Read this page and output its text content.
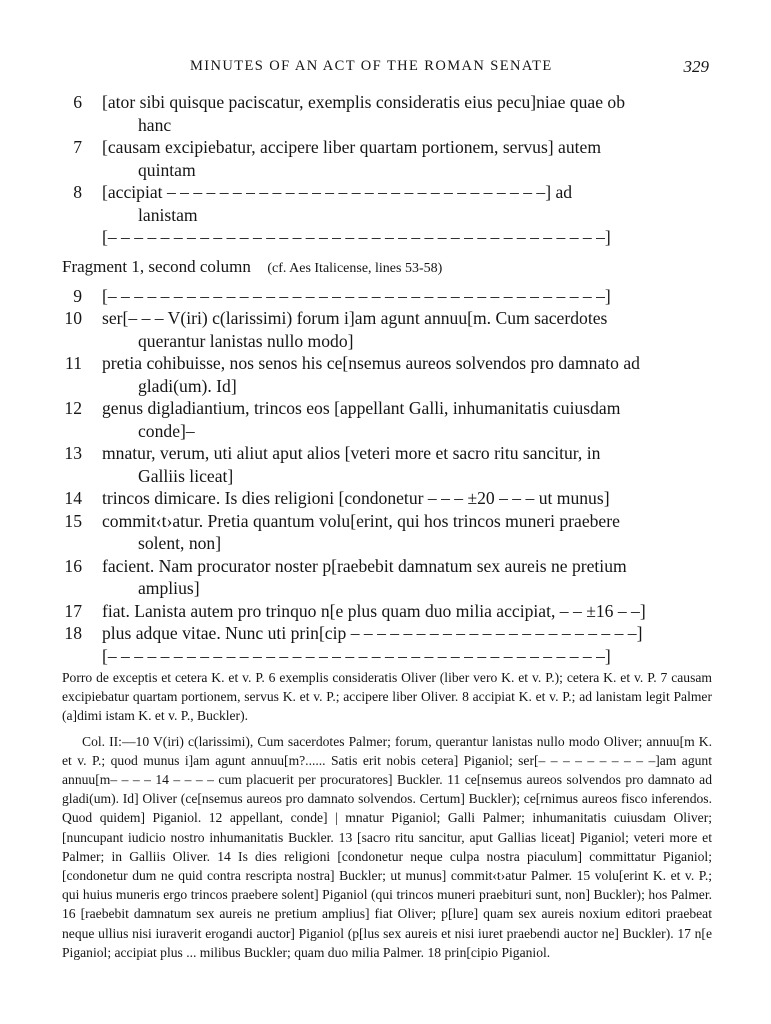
MINUTES OF AN ACT OF THE ROMAN SENATE	329
6 [ator sibi quisque paciscatur, exemplis consideratis eius pecu]niae quae ob
hanc
7 [causam excipiebatur, accipere liber quartam portionem, servus] autem
quintam
8 [accipiat – – – – – – – – – – – – – – – – – – – – – – – – – – – – –] ad
lanistam
[– – – – – – – – – – – – – – – – – – – – – – – – – – – – – – – – – – – – – –]
Fragment 1, second column (cf. Aes Italicense, lines 53-58)
9 [– – – – – – – – – – – – – – – – – – – – – – – – – – – – – – – – – – – – – –]
10 ser[– – – V(iri) c(larissimi) forum i]am agunt annuu[m. Cum sacerdotes
querantur lanistas nullo modo]
11 pretia cohibuisse, nos senos his ce[nsemus aureos solvendos pro damnato ad
gladi(um). Id]
12 genus digladiantium, trincos eos [appellant Galli, inhumanitatis cuiusdam
conde]–
13 mnatur, verum, uti aliut aput alios [veteri more et sacro ritu sancitur, in
Galliis liceat]
14 trincos dimicare. Is dies religioni [condonetur – – – ±20 – – – ut munus]
15 commit‹t›atur. Pretia quantum volu[erint, qui hos trincos muneri praebere
solent, non]
16 facient. Nam procurator noster p[raebebit damnatum sex aureis ne pretium
amplius]
17 fiat. Lanista autem pro trinquo n[e plus quam duo milia accipiat, – – ±16 – –]
18 plus adque vitae. Nunc uti prin[cip – – – – – – – – – – – – – – – – – – – – – –]
[– – – – – – – – – – – – – – – – – – – – – – – – – – – – – – – – – – – – – –]

Porro de exceptis et cetera K. et v. P. 6 exemplis consideratis Oliver (liber vero K. et v. P.); cetera K. et v. P. 7 causam excipiebatur quartam portionem, servus K. et v. P.; accipere liber Oliver. 8 accipiat K. et v. P.; ad lanistam legit Palmer (a]dimi istam K. et v. P., Buckler).

Col. II:—10 V(iri) c(larissimi), Cum sacerdotes Palmer; forum, querantur lanistas nullo modo Oliver; annuu[m K. et v. P.; quod munus i]am agunt annuu[m?...... Satis erit nobis cetera] Piganiol; ser[– – – – – – – – – –]am agunt annuu[m– – – – 14 – – – – cum placuerit per procuratores] Buckler. 11 ce[nsemus aureos solvendos pro damnato ad gladi(um). Id] Oliver (ce[nsemus aureos pro damnato solvendos. Certum] Buckler); ce[rnimus aureos fisco inferendos. Quod quidem] Piganiol. 12 appellant, conde] | mnatur Piganiol; Galli Palmer; inhumanitatis cuiusdam Oliver; [nuncupant iudicio nostro inhumanitatis Buckler. 13 [sacro ritu sancitur, aput Gallias liceat] Piganiol; veteri more et Palmer; in Galliis Oliver. 14 Is dies religioni [condonetur neque culpa nostra piaculum] committatur Piganiol; [condonetur dum ne quid contra rescripta nostra] Buckler; ut munus] commit‹t›atur Palmer. 15 volu[erint K. et v. P.; qui huius muneris ergo trincos praebere solent] Piganiol (qui trincos muneri praebituri sunt, non] Buckler); hos Palmer. 16 [raebebit damnatum sex aureis ne pretium amplius] fiat Oliver; p[lure] quam sex aureis noxium editori praebeat neque ullius nisi iuraverit erogandi auctor] Piganiol (p[lus sex aureis et nisi iuret praebendi auctor ne] Buckler). 17 n[e Piganiol; accipiat plus ... milibus Buckler; quam duo milia Palmer. 18 prin[cipio Piganiol.
